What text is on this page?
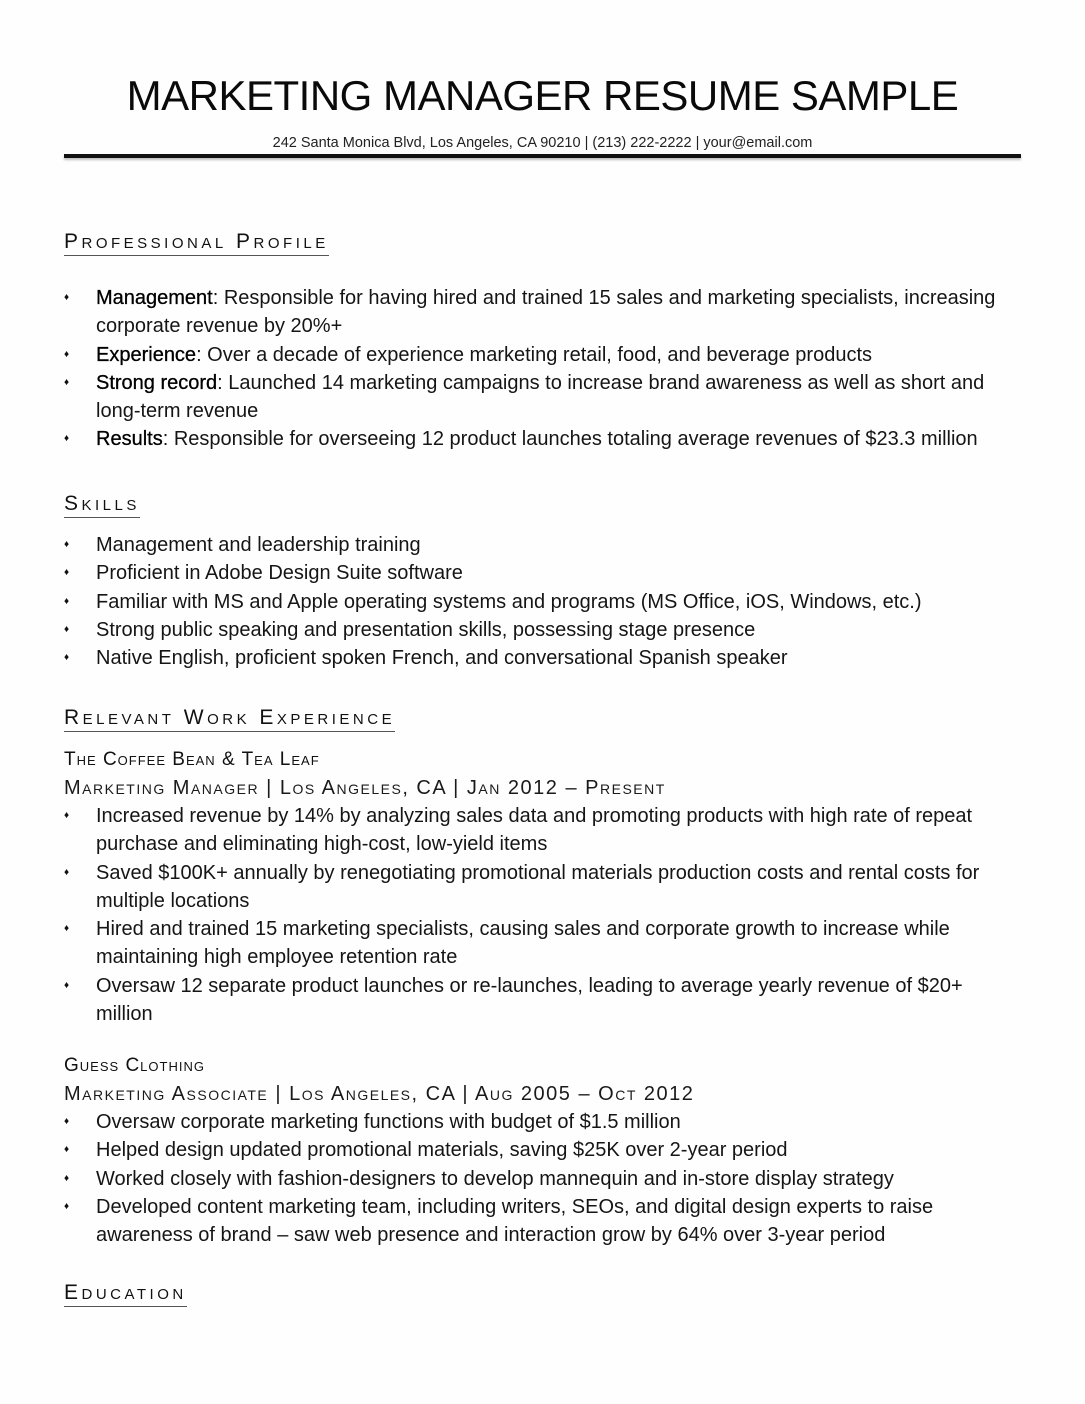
MARKETING MANAGER RESUME SAMPLE
242 Santa Monica Blvd, Los Angeles, CA 90210 | (213) 222-2222 | your@email.com
Professional Profile
♦ Management: Responsible for having hired and trained 15 sales and marketing specialists, increasing corporate revenue by 20%+
♦ Experience: Over a decade of experience marketing retail, food, and beverage products
♦ Strong record: Launched 14 marketing campaigns to increase brand awareness as well as short and long-term revenue
♦ Results: Responsible for overseeing 12 product launches totaling average revenues of $23.3 million
Skills
♦ Management and leadership training
♦ Proficient in Adobe Design Suite software
♦ Familiar with MS and Apple operating systems and programs (MS Office, iOS, Windows, etc.)
♦ Strong public speaking and presentation skills, possessing stage presence
♦ Native English, proficient spoken French, and conversational Spanish speaker
Relevant Work Experience
The Coffee Bean & Tea Leaf
Marketing Manager | Los Angeles, CA | Jan 2012 – Present
♦ Increased revenue by 14% by analyzing sales data and promoting products with high rate of repeat purchase and eliminating high-cost, low-yield items
♦ Saved $100K+ annually by renegotiating promotional materials production costs and rental costs for multiple locations
♦ Hired and trained 15 marketing specialists, causing sales and corporate growth to increase while maintaining high employee retention rate
♦ Oversaw 12 separate product launches or re-launches, leading to average yearly revenue of $20+ million
Guess Clothing
Marketing Associate | Los Angeles, CA | Aug 2005 – Oct 2012
♦ Oversaw corporate marketing functions with budget of $1.5 million
♦ Helped design updated promotional materials, saving $25K over 2-year period
♦ Worked closely with fashion-designers to develop mannequin and in-store display strategy
♦ Developed content marketing team, including writers, SEOs, and digital design experts to raise awareness of brand – saw web presence and interaction grow by 64% over 3-year period
Education
